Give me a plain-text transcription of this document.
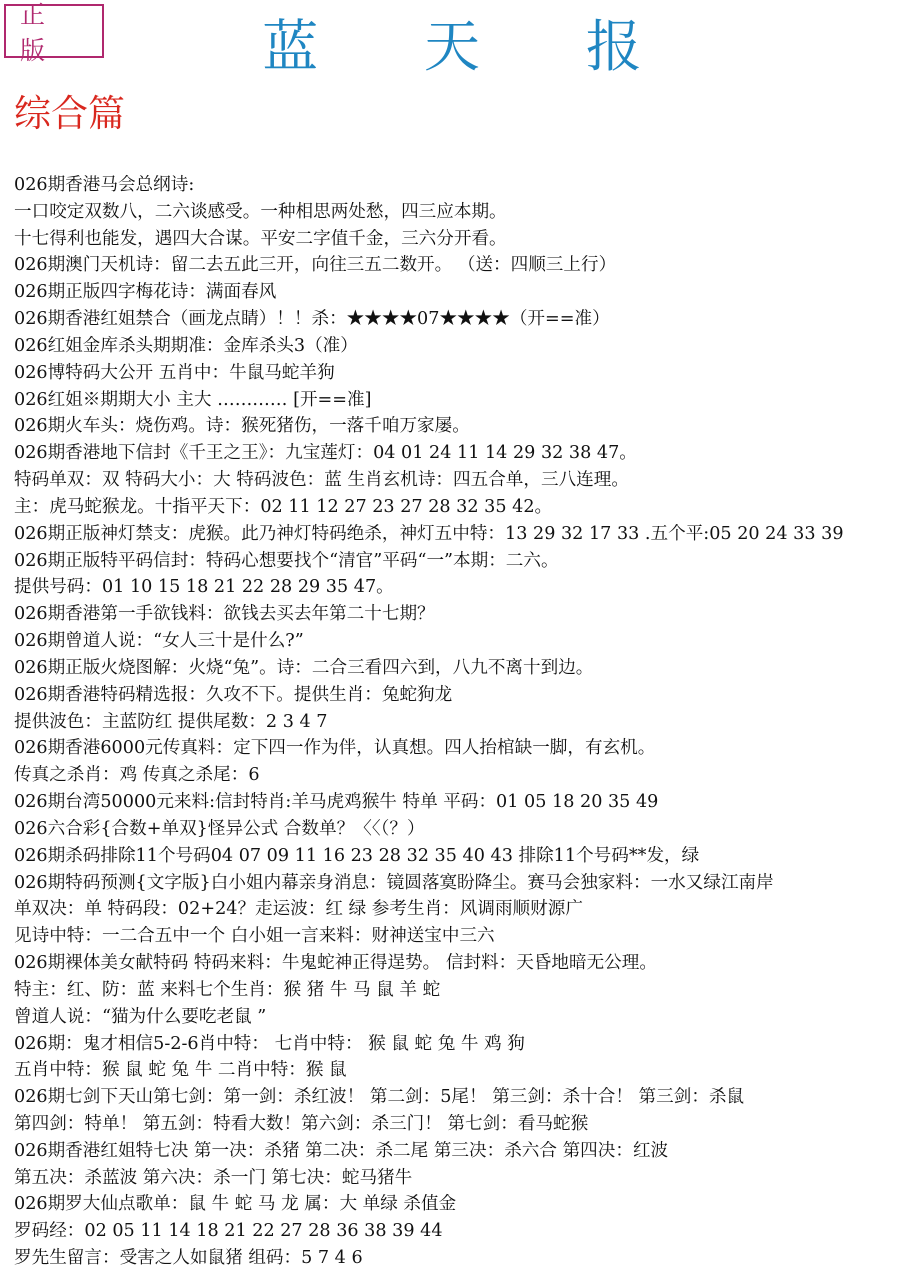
正 版	蓝 天 报
综合篇
026期香港马会总纲诗:
一口咬定双数八，二六谈感受。一种相思两处愁，四三应本期。
十七得利也能发，遇四大合谋。平安二字值千金，三六分开看。
026期澳门天机诗：留二去五此三开，向往三五二数开。 （送：四顺三上行）
026期正版四字梅花诗：满面春风
026期香港红姐禁合（画龙点睛）！！杀：★★★★07★★★★（开==准）
026红姐金库杀头期期准：金库杀头3（准）
026博特码大公开 五肖中：牛鼠马蛇羊狗
026红姐※期期大小 主大 ………… [开==准]
026期火车头：烧伤鸡。诗：猴死猪伤，一落千咱万家屡。
026期香港地下信封《千王之王》：九宝莲灯：04 01 24 11 14 29 32 38 47。
特码单双：双 特码大小：大 特码波色：蓝 生肖玄机诗：四五合单，三八连理。
主：虎马蛇猴龙。十指平天下：02 11 12 27 23 27 28 32 35 42。
026期正版神灯禁支：虎猴。此乃神灯特码绝杀，神灯五中特：13 29 32 17 33 .五个平:05 20 24 33 39
026期正版特平码信封：特码心想要找个“清官”平码“一”本期：二六。
提供号码：01 10 15 18 21 22 28 29 35 47。
026期香港第一手欲钱料：欲钱去买去年第二十七期？
026期曾道人说：“女人三十是什么?”
026期正版火烧图解：火烧“兔”。诗：二合三看四六到，八九不离十到边。
026期香港特码精选报：久攻不下。提供生肖：兔蛇狗龙
提供波色：主蓝防红 提供尾数：2 3 4 7
026期香港6000元传真料：定下四一作为伴，认真想。四人抬棺缺一脚，有玄机。
传真之杀肖：鸡 传真之杀尾：6
026期台湾50000元来料:信封特肖:羊马虎鸡猴牛 特单 平码：01 05 18 20 35 49
026六合彩{合数+单双}怪异公式 合数单？〈〈（？）
026期杀码排除11个号码04 07 09 11 16 23 28 32 35 40 43 排除11个号码**发，绿
026期特码预测{文字版}白小姐内幕亲身消息：镜圆落寞盼降尘。赛马会独家料：一水又绿江南岸
单双决：单 特码段：02+24？走运波：红 绿 参考生肖：风调雨顺财源广
见诗中特：一二合五中一个 白小姐一言来料：财神送宝中三六
026期裸体美女献特码 特码来料：牛鬼蛇神正得逞势。 信封料：天昏地暗无公理。
特主：红、防：蓝 来料七个生肖：猴 猪 牛 马 鼠 羊 蛇
曾道人说：“猫为什么要吃老鼠 ”
026期：鬼才相信5-2-6肖中特： 七肖中特： 猴 鼠 蛇 兔 牛 鸡 狗
五肖中特：猴 鼠 蛇 兔 牛 二肖中特：猴 鼠
026期七剑下天山第七剑：第一剑：杀红波！ 第二剑：5尾！ 第三剑：杀十合！ 第三剑：杀鼠
第四剑：特单！ 第五剑：特看大数！第六剑：杀三门！ 第七剑：看马蛇猴
026期香港红姐特七决 第一决：杀猪 第二决：杀二尾 第三决：杀六合 第四决：红波
第五决：杀蓝波 第六决：杀一门 第七决：蛇马猪牛
026期罗大仙点歌单：鼠 牛 蛇 马 龙 属：大 单绿 杀值金
罗码经：02 05 11 14 18 21 22 27 28 36 38 39 44
罗先生留言：受害之人如鼠猪 组码：5 7 4 6
